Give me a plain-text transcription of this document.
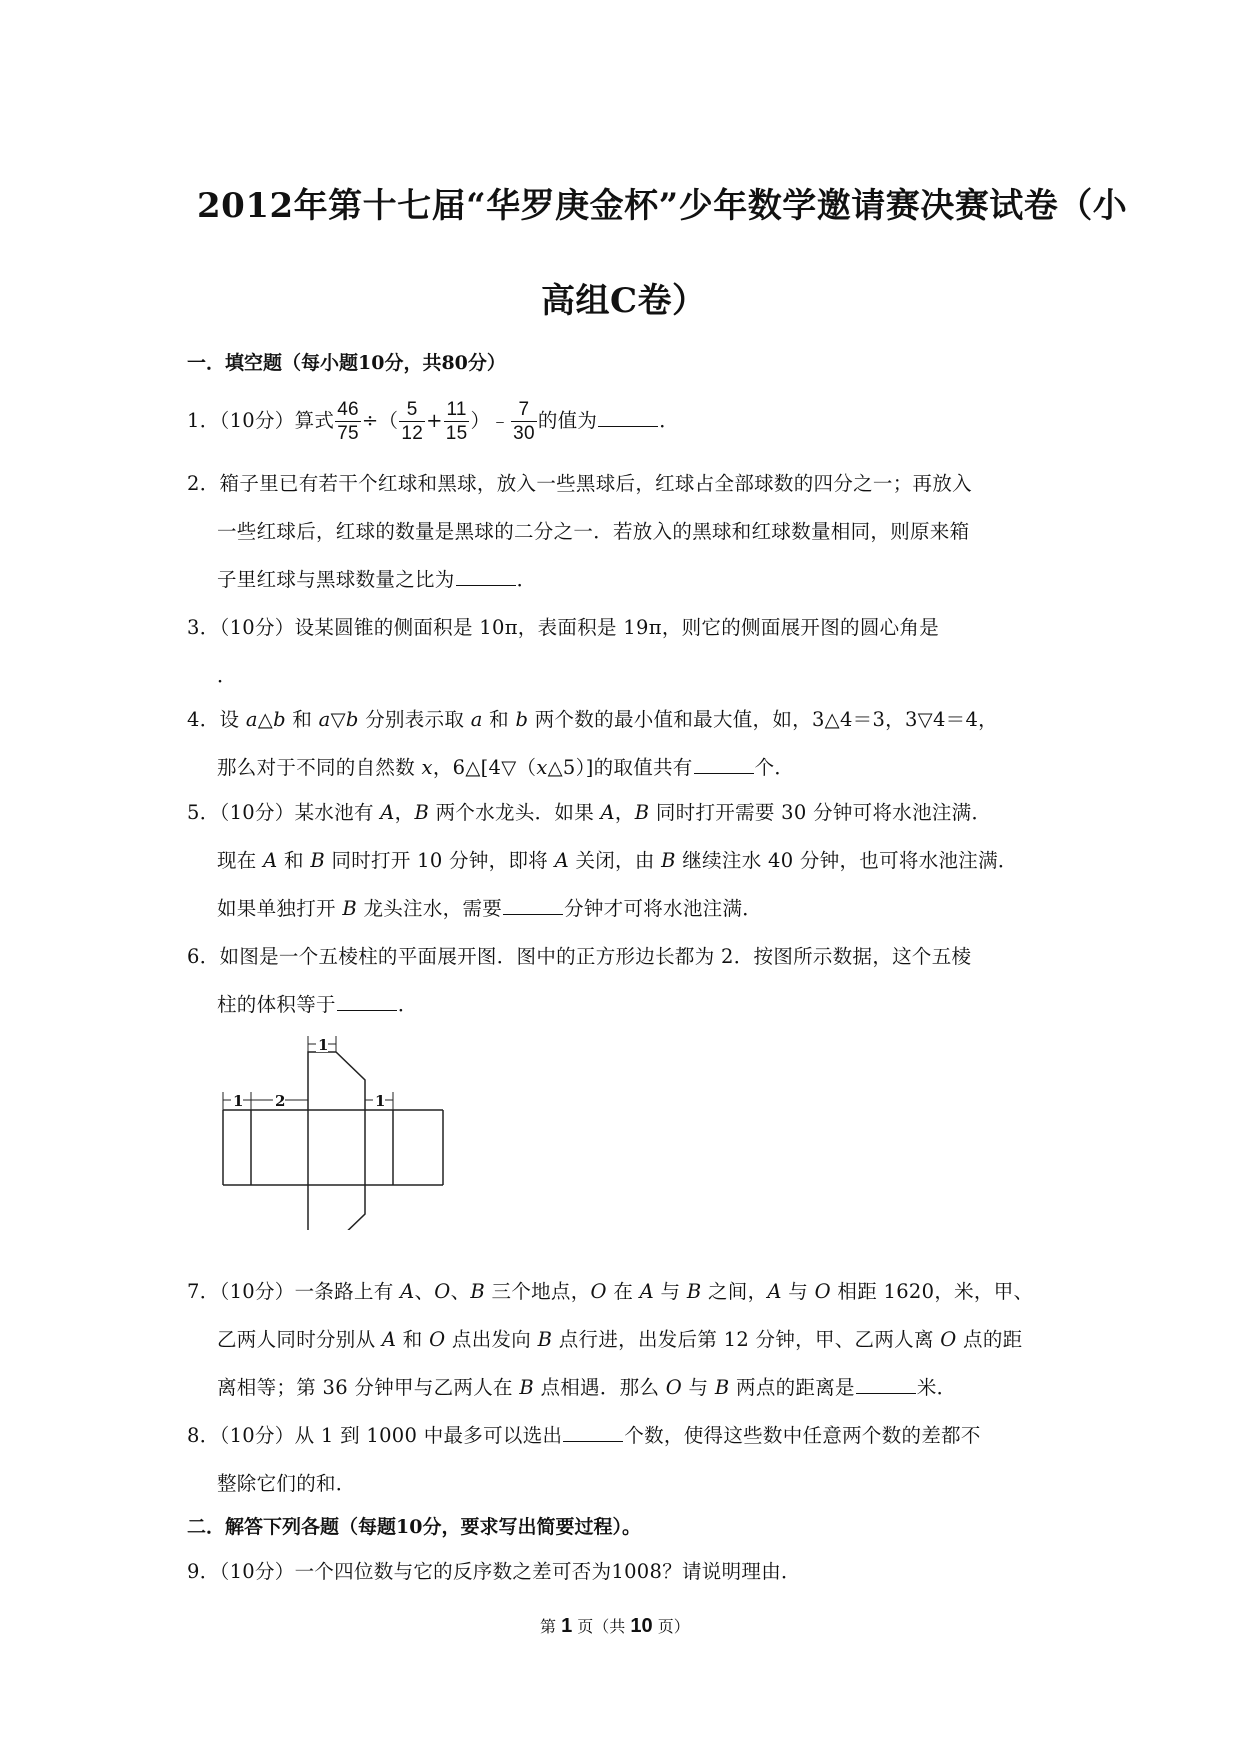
2012年第十七届“华罗庚金杯”少年数学邀请赛决赛试卷（小
高组C卷）
一．填空题（每小题10分，共80分）
1．（10分）算式 $\frac{46}{75}$ ÷（ $\frac{5}{12} + \frac{11}{15}$ ）﹣ $\frac{7}{30}$ 的值为	．
2．箱子里已有若干个红球和黑球，放入一些黑球后，红球占全部球数的四分之一；再放入
一些红球后，红球的数量是黑球的二分之一．若放入的黑球和红球数量相同，则原来箱
子里红球与黑球数量之比为	．
3．（10分）设某圆锥的侧面积是 10π，表面积是 19π，则它的侧面展开图的圆心角是
．
4．设 a△b 和 a▽b 分别表示取 a 和 b 两个数的最小值和最大值，如，3△4＝3，3▽4＝4，
那么对于不同的自然数 x，6△[4▽（x△5）]的取值共有	个．
5．（10分）某水池有 A，B 两个水龙头．如果 A，B 同时打开需要 30 分钟可将水池注满．
现在 A 和 B 同时打开 10 分钟，即将 A 关闭，由 B 继续注水 40 分钟，也可将水池注满．
如果单独打开 B 龙头注水，需要	分钟才可将水池注满．
6．如图是一个五棱柱的平面展开图．图中的正方形边长都为 2．按图所示数据，这个五棱
柱的体积等于	．
1
1 2	1
7．（10分）一条路上有 A、O、B 三个地点，O 在 A 与 B 之间，A 与 O 相距 1620，米，甲、
乙两人同时分别从 A 和 O 点出发向 B 点行进，出发后第 12 分钟，甲、乙两人离 O 点的距
离相等；第 36 分钟甲与乙两人在 B 点相遇．那么 O 与 B 两点的距离是	米．
8．（10分）从 1 到 1000 中最多可以选出	个数，使得这些数中任意两个数的差都不
整除它们的和．
二．解答下列各题（每题10分，要求写出简要过程）。
9．（10分）一个四位数与它的反序数之差可否为1008？请说明理由．
第 1 页（共 10 页）
